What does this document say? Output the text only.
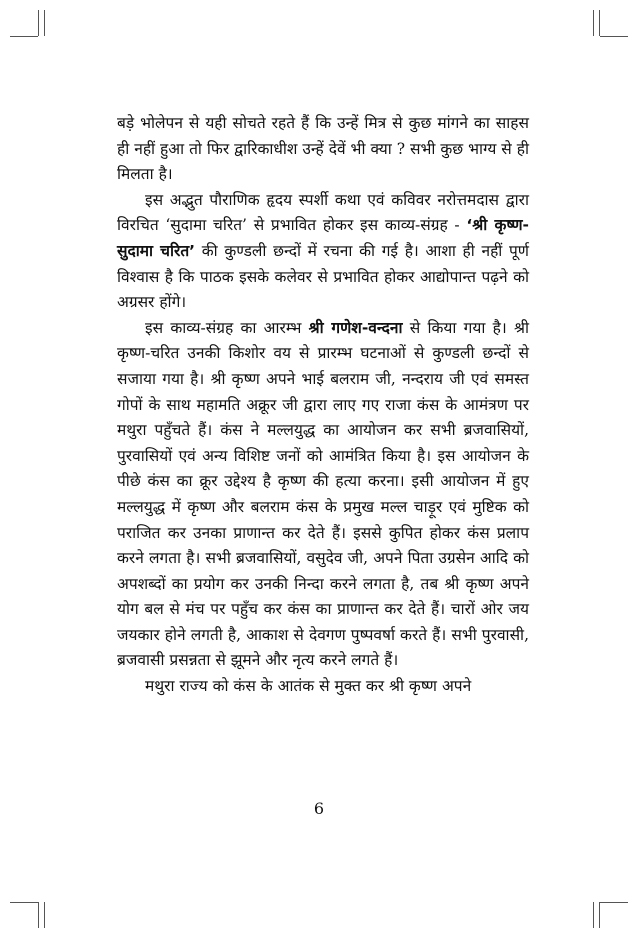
बड़े भोलेपन से यही सोचते रहते हैं कि उन्हें मित्र से कुछ मांगने का साहस ही नहीं हुआ तो फिर द्वारिकाधीश उन्हें देवें भी क्या ? सभी कुछ भाग्य से ही मिलता है।

इस अद्भुत पौराणिक हृदय स्पर्शी कथा एवं कविवर नरोत्तमदास द्वारा विरचित ‘सुदामा चरित’ से प्रभावित होकर इस काव्य-संग्रह - ‘श्री कृष्ण-सुदामा चरित’ की कुण्डली छन्दों में रचना की गई है। आशा ही नहीं पूर्ण विश्वास है कि पाठक इसके कलेवर से प्रभावित होकर आद्योपान्त पढ़ने को अग्रसर होंगे।

इस काव्य-संग्रह का आरम्भ श्री गणेश-वन्दना से किया गया है। श्री कृष्ण-चरित उनकी किशोर वय से प्रारम्भ घटनाओं से कुण्डली छन्दों से सजाया गया है। श्री कृष्ण अपने भाई बलराम जी, नन्दराय जी एवं समस्त गोपों के साथ महामति अक्रूर जी द्वारा लाए गए राजा कंस के आमंत्रण पर मथुरा पहुँचते हैं। कंस ने मल्लयुद्ध का आयोजन कर सभी ब्रजवासियों, पुरवासियों एवं अन्य विशिष्ट जनों को आमंत्रित किया है। इस आयोजन के पीछे कंस का क्रूर उद्देश्य है कृष्ण की हत्या करना। इसी आयोजन में हुए मल्लयुद्ध में कृष्ण और बलराम कंस के प्रमुख मल्ल चाड़ूर एवं मुष्टिक को पराजित कर उनका प्राणान्त कर देते हैं। इससे कुपित होकर कंस प्रलाप करने लगता है। सभी ब्रजवासियों, वसुदेव जी, अपने पिता उग्रसेन आदि को अपशब्दों का प्रयोग कर उनकी निन्दा करने लगता है, तब श्री कृष्ण अपने योग बल से मंच पर पहुँच कर कंस का प्राणान्त कर देते हैं। चारों ओर जय जयकार होने लगती है, आकाश से देवगण पुष्पवर्षा करते हैं। सभी पुरवासी, ब्रजवासी प्रसन्नता से झूमने और नृत्य करने लगते हैं।

मथुरा राज्य को कंस के आतंक से मुक्त कर श्री कृष्ण अपने

6
